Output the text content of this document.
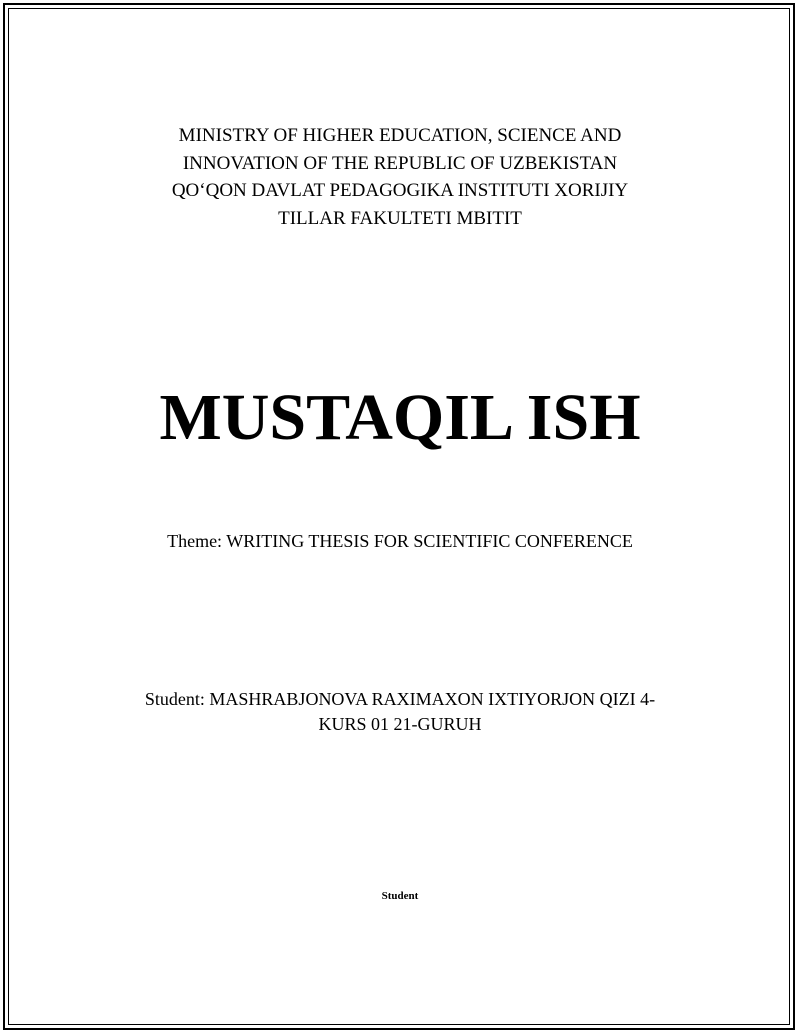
MINISTRY OF HIGHER EDUCATION, SCIENCE AND
INNOVATION OF THE REPUBLIC OF UZBEKISTAN
QO‘QON DAVLAT PEDAGOGIKA INSTITUTI XORIJIY
TILLAR FAKULTETI MBITIT
MUSTAQIL ISH
Theme: WRITING THESIS FOR SCIENTIFIC CONFERENCE
Student: MASHRABJONOVA RAXIMAXON IXTIYORJON QIZI 4-
KURS 01 21-GURUH
Student
